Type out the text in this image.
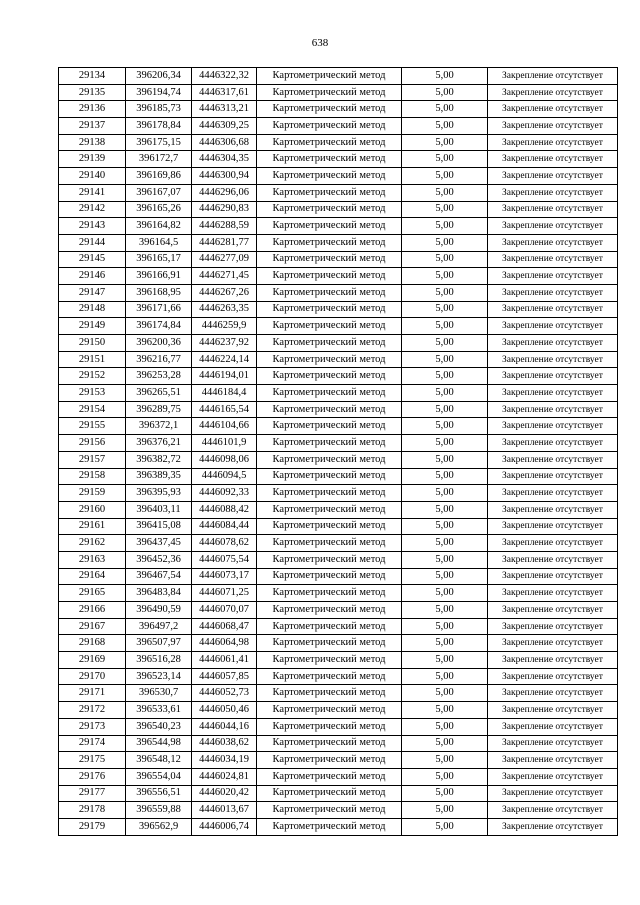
638
29134	396206,34	4446322,32	Картометрический метод	5,00	Закрепление отсутствует
29135	396194,74	4446317,61	Картометрический метод	5,00	Закрепление отсутствует
29136	396185,73	4446313,21	Картометрический метод	5,00	Закрепление отсутствует
29137	396178,84	4446309,25	Картометрический метод	5,00	Закрепление отсутствует
29138	396175,15	4446306,68	Картометрический метод	5,00	Закрепление отсутствует
29139	396172,7	4446304,35	Картометрический метод	5,00	Закрепление отсутствует
29140	396169,86	4446300,94	Картометрический метод	5,00	Закрепление отсутствует
29141	396167,07	4446296,06	Картометрический метод	5,00	Закрепление отсутствует
29142	396165,26	4446290,83	Картометрический метод	5,00	Закрепление отсутствует
29143	396164,82	4446288,59	Картометрический метод	5,00	Закрепление отсутствует
29144	396164,5	4446281,77	Картометрический метод	5,00	Закрепление отсутствует
29145	396165,17	4446277,09	Картометрический метод	5,00	Закрепление отсутствует
29146	396166,91	4446271,45	Картометрический метод	5,00	Закрепление отсутствует
29147	396168,95	4446267,26	Картометрический метод	5,00	Закрепление отсутствует
29148	396171,66	4446263,35	Картометрический метод	5,00	Закрепление отсутствует
29149	396174,84	4446259,9	Картометрический метод	5,00	Закрепление отсутствует
29150	396200,36	4446237,92	Картометрический метод	5,00	Закрепление отсутствует
29151	396216,77	4446224,14	Картометрический метод	5,00	Закрепление отсутствует
29152	396253,28	4446194,01	Картометрический метод	5,00	Закрепление отсутствует
29153	396265,51	4446184,4	Картометрический метод	5,00	Закрепление отсутствует
29154	396289,75	4446165,54	Картометрический метод	5,00	Закрепление отсутствует
29155	396372,1	4446104,66	Картометрический метод	5,00	Закрепление отсутствует
29156	396376,21	4446101,9	Картометрический метод	5,00	Закрепление отсутствует
29157	396382,72	4446098,06	Картометрический метод	5,00	Закрепление отсутствует
29158	396389,35	4446094,5	Картометрический метод	5,00	Закрепление отсутствует
29159	396395,93	4446092,33	Картометрический метод	5,00	Закрепление отсутствует
29160	396403,11	4446088,42	Картометрический метод	5,00	Закрепление отсутствует
29161	396415,08	4446084,44	Картометрический метод	5,00	Закрепление отсутствует
29162	396437,45	4446078,62	Картометрический метод	5,00	Закрепление отсутствует
29163	396452,36	4446075,54	Картометрический метод	5,00	Закрепление отсутствует
29164	396467,54	4446073,17	Картометрический метод	5,00	Закрепление отсутствует
29165	396483,84	4446071,25	Картометрический метод	5,00	Закрепление отсутствует
29166	396490,59	4446070,07	Картометрический метод	5,00	Закрепление отсутствует
29167	396497,2	4446068,47	Картометрический метод	5,00	Закрепление отсутствует
29168	396507,97	4446064,98	Картометрический метод	5,00	Закрепление отсутствует
29169	396516,28	4446061,41	Картометрический метод	5,00	Закрепление отсутствует
29170	396523,14	4446057,85	Картометрический метод	5,00	Закрепление отсутствует
29171	396530,7	4446052,73	Картометрический метод	5,00	Закрепление отсутствует
29172	396533,61	4446050,46	Картометрический метод	5,00	Закрепление отсутствует
29173	396540,23	4446044,16	Картометрический метод	5,00	Закрепление отсутствует
29174	396544,98	4446038,62	Картометрический метод	5,00	Закрепление отсутствует
29175	396548,12	4446034,19	Картометрический метод	5,00	Закрепление отсутствует
29176	396554,04	4446024,81	Картометрический метод	5,00	Закрепление отсутствует
29177	396556,51	4446020,42	Картометрический метод	5,00	Закрепление отсутствует
29178	396559,88	4446013,67	Картометрический метод	5,00	Закрепление отсутствует
29179	396562,9	4446006,74	Картометрический метод	5,00	Закрепление отсутствует
